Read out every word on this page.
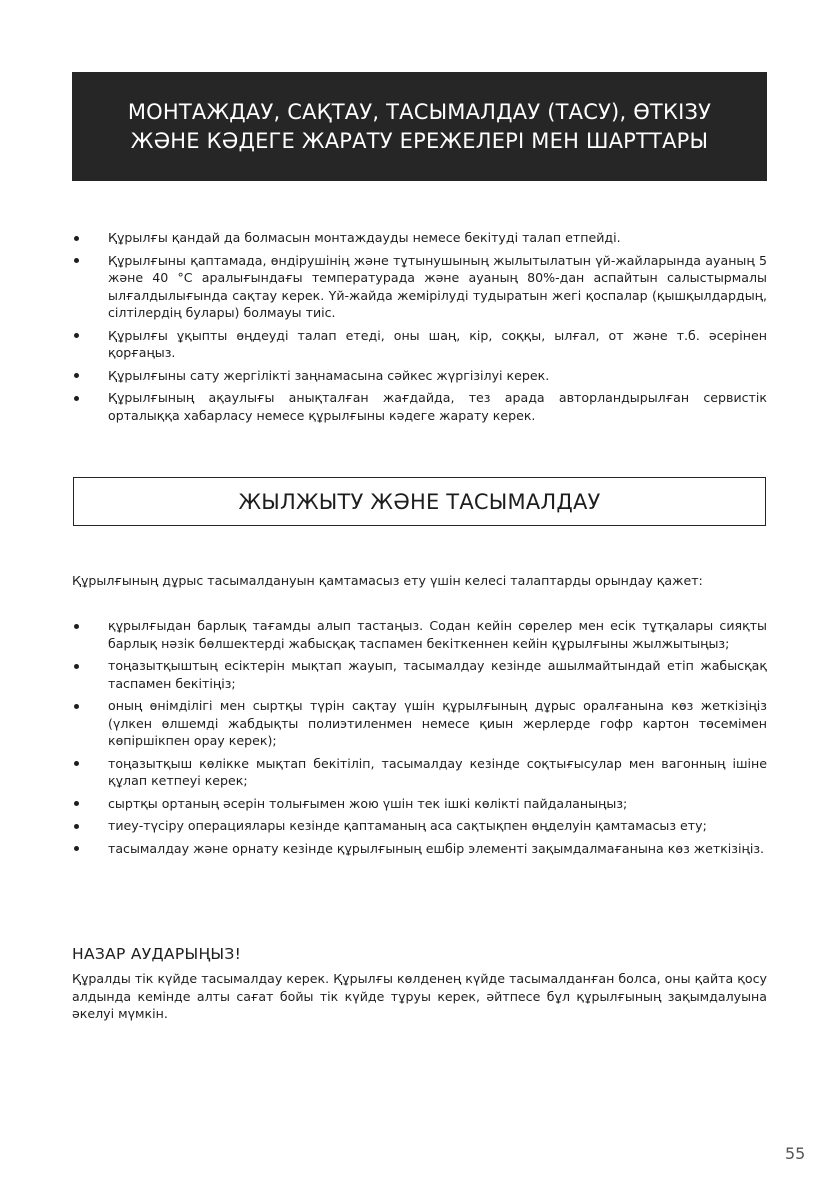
МОНТАЖДАУ, САҚТАУ, ТАСЫМАЛДАУ (ТАСУ), ӨТКІЗУ
ЖӘНЕ КӘДЕГЕ ЖАРАТУ ЕРЕЖЕЛЕРІ МЕН ШАРТТАРЫ
Құрылғы қандай да болмасын монтаждауды немесе бекітуді талап етпейді.
Құрылғыны қаптамада, өндірушінің және тұтынушының жылытылатын үй-жайларында ауаның 5 және 40 °C аралығындағы температурада және ауаның 80%-дан аспайтын салыстырмалы ылғалдылығында сақтау керек. Үй-жайда жемірілуді тудыратын жегі қоспалар (қышқылдардың, сілтілердің булары) болмауы тиіс.
Құрылғы ұқыпты өңдеуді талап етеді, оны шаң, кір, соққы, ылғал, от және т.б. әсерінен қорғаңыз.
Құрылғыны сату жергілікті заңнамасына сәйкес жүргізілуі керек.
Құрылғының ақаулығы анықталған жағдайда, тез арада авторландырылған сервистік орталыққа хабарласу немесе құрылғыны кәдеге жарату керек.
ЖЫЛЖЫТУ ЖӘНЕ ТАСЫМАЛДАУ
Құрылғының дұрыс тасымалдануын қамтамасыз ету үшін келесі талаптарды орындау қажет:
құрылғыдан барлық тағамды алып тастаңыз. Содан кейін сөрелер мен есік тұтқалары сияқты барлық нәзік бөлшектерді жабысқақ таспамен бекіткеннен кейін құрылғыны жылжытыңыз;
тоңазытқыштың есіктерін мықтап жауып, тасымалдау кезінде ашылмайтындай етіп жабысқақ таспамен бекітіңіз;
оның өнімділігі мен сыртқы түрін сақтау үшін құрылғының дұрыс оралғанына көз жеткізіңіз (үлкен өлшемді жабдықты полиэтиленмен немесе қиын жерлерде гофр картон төсемімен көпіршікпен орау керек);
тоңазытқыш көлікке мықтап бекітіліп, тасымалдау кезінде соқтығысулар мен вагонның ішіне құлап кетпеуі керек;
сыртқы ортаның әсерін толығымен жою үшін тек ішкі көлікті пайдаланыңыз;
тиеу-түсіру операциялары кезінде қаптаманың аса сақтықпен өңделуін қамтамасыз ету;
тасымалдау және орнату кезінде құрылғының ешбір элементі зақымдалмағанына көз жеткізіңіз.
НАЗАР АУДАРЫҢЫЗ!
Құралды тік күйде тасымалдау керек. Құрылғы көлденең күйде тасымалданған болса, оны қайта қосу алдында кемінде алты сағат бойы тік күйде тұруы керек, әйтпесе бұл құрылғының зақымдалуына әкелуі мүмкін.
55
